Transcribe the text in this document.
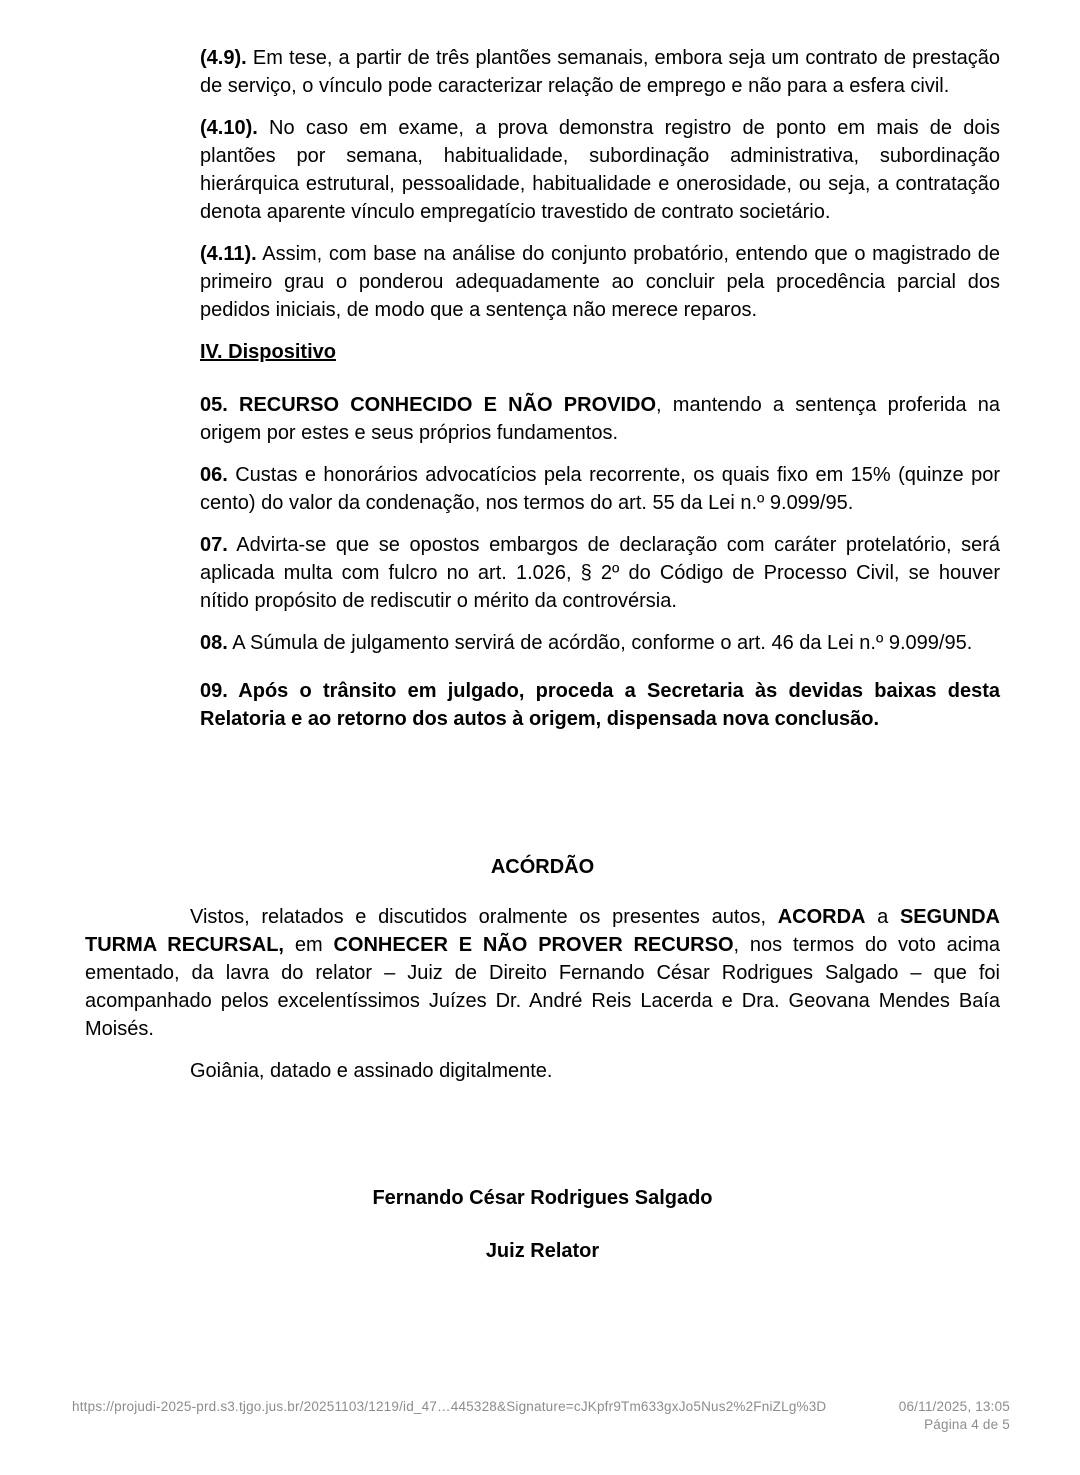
(4.9). Em tese, a partir de três plantões semanais, embora seja um contrato de prestação de serviço, o vínculo pode caracterizar relação de emprego e não para a esfera civil.

(4.10). No caso em exame, a prova demonstra registro de ponto em mais de dois plantões por semana, habitualidade, subordinação administrativa, subordinação hierárquica estrutural, pessoalidade, habitualidade e onerosidade, ou seja, a contratação denota aparente vínculo empregatício travestido de contrato societário.

(4.11). Assim, com base na análise do conjunto probatório, entendo que o magistrado de primeiro grau o ponderou adequadamente ao concluir pela procedência parcial dos pedidos iniciais, de modo que a sentença não merece reparos.

IV. Dispositivo

05. RECURSO CONHECIDO E NÃO PROVIDO, mantendo a sentença proferida na origem por estes e seus próprios fundamentos.

06. Custas e honorários advocatícios pela recorrente, os quais fixo em 15% (quinze por cento) do valor da condenação, nos termos do art. 55 da Lei n.º 9.099/95.

07. Advirta-se que se opostos embargos de declaração com caráter protelatório, será aplicada multa com fulcro no art. 1.026, § 2º do Código de Processo Civil, se houver nítido propósito de rediscutir o mérito da controvérsia.

08. A Súmula de julgamento servirá de acórdão, conforme o art. 46 da Lei n.º 9.099/95.

09. Após o trânsito em julgado, proceda a Secretaria às devidas baixas desta Relatoria e ao retorno dos autos à origem, dispensada nova conclusão.

ACÓRDÃO

Vistos, relatados e discutidos oralmente os presentes autos, ACORDA a SEGUNDA TURMA RECURSAL, em CONHECER E NÃO PROVER RECURSO, nos termos do voto acima ementado, da lavra do relator – Juiz de Direito Fernando César Rodrigues Salgado – que foi acompanhado pelos excelentíssimos Juízes Dr. André Reis Lacerda e Dra. Geovana Mendes Baía Moisés.

Goiânia, datado e assinado digitalmente.

Fernando César Rodrigues Salgado

Juiz Relator

https://projudi-2025-prd.s3.tjgo.jus.br/20251103/1219/id_47…445328&Signature=cJKpfr9Tm633gxJo5Nus2%2FniZLg%3D	06/11/2025, 13:05
Página 4 de 5
